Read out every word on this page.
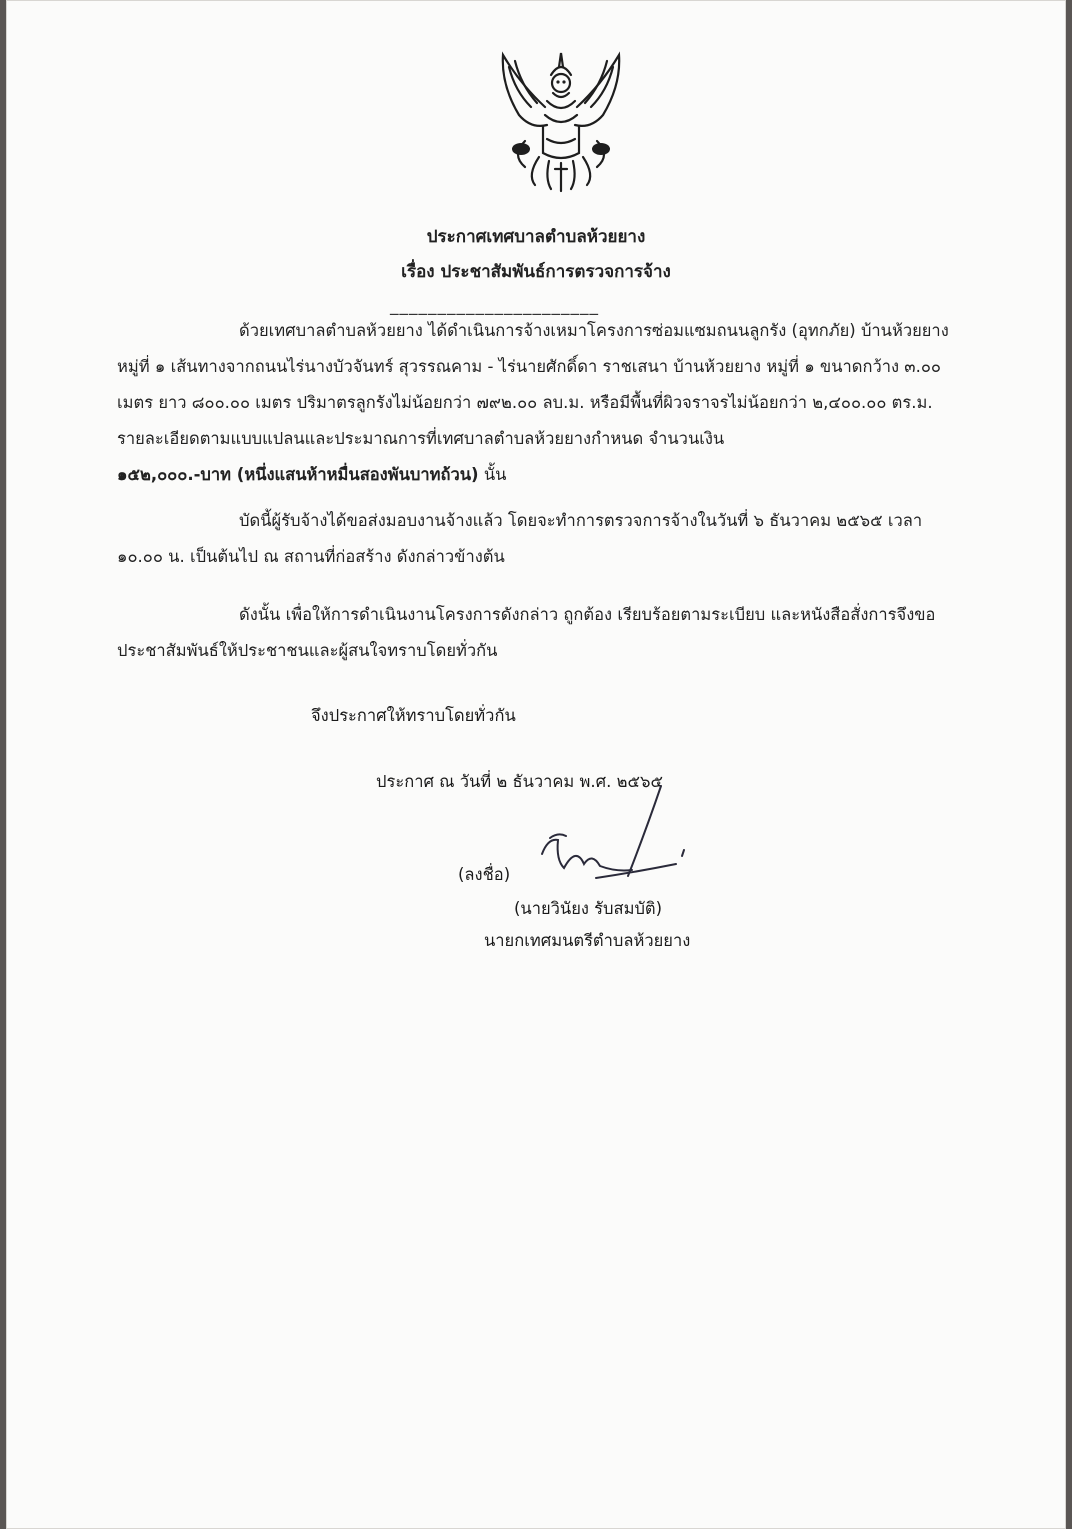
ประกาศเทศบาลตำบลห้วยยาง
เรื่อง ประชาสัมพันธ์การตรวจการจ้าง
______________________

ด้วยเทศบาลตำบลห้วยยาง ได้ดำเนินการจ้างเหมาโครงการซ่อมแซมถนนลูกรัง (อุทกภัย) บ้านห้วยยาง หมู่ที่ ๑ เส้นทางจากถนนไร่นางบัวจันทร์ สุวรรณคาม - ไร่นายศักดิ์ดา ราชเสนา บ้านห้วยยาง หมู่ที่ ๑ ขนาดกว้าง ๓.๐๐ เมตร ยาว ๘๐๐.๐๐ เมตร ปริมาตรลูกรังไม่น้อยกว่า ๗๙๒.๐๐ ลบ.ม. หรือมีพื้นที่ผิวจราจรไม่น้อยกว่า ๒,๔๐๐.๐๐ ตร.ม. รายละเอียดตามแบบแปลนและประมาณการที่เทศบาลตำบลห้วยยางกำหนด จำนวนเงิน
๑๕๒,๐๐๐.-บาท (หนึ่งแสนห้าหมื่นสองพันบาทถ้วน) นั้น

บัดนี้ผู้รับจ้างได้ขอส่งมอบงานจ้างแล้ว โดยจะทำการตรวจการจ้างในวันที่ ๖ ธันวาคม ๒๕๖๕ เวลา ๑๐.๐๐ น. เป็นต้นไป ณ สถานที่ก่อสร้าง ดังกล่าวข้างต้น

ดังนั้น เพื่อให้การดำเนินงานโครงการดังกล่าว ถูกต้อง เรียบร้อยตามระเบียบ และหนังสือสั่งการจึงขอประชาสัมพันธ์ให้ประชาชนและผู้สนใจทราบโดยทั่วกัน

จึงประกาศให้ทราบโดยทั่วกัน
ประกาศ ณ วันที่ ๒ ธันวาคม พ.ศ. ๒๕๖๕
(ลงชื่อ)
(นายวินัยง รับสมบัติ)
นายกเทศมนตรีตำบลห้วยยาง
